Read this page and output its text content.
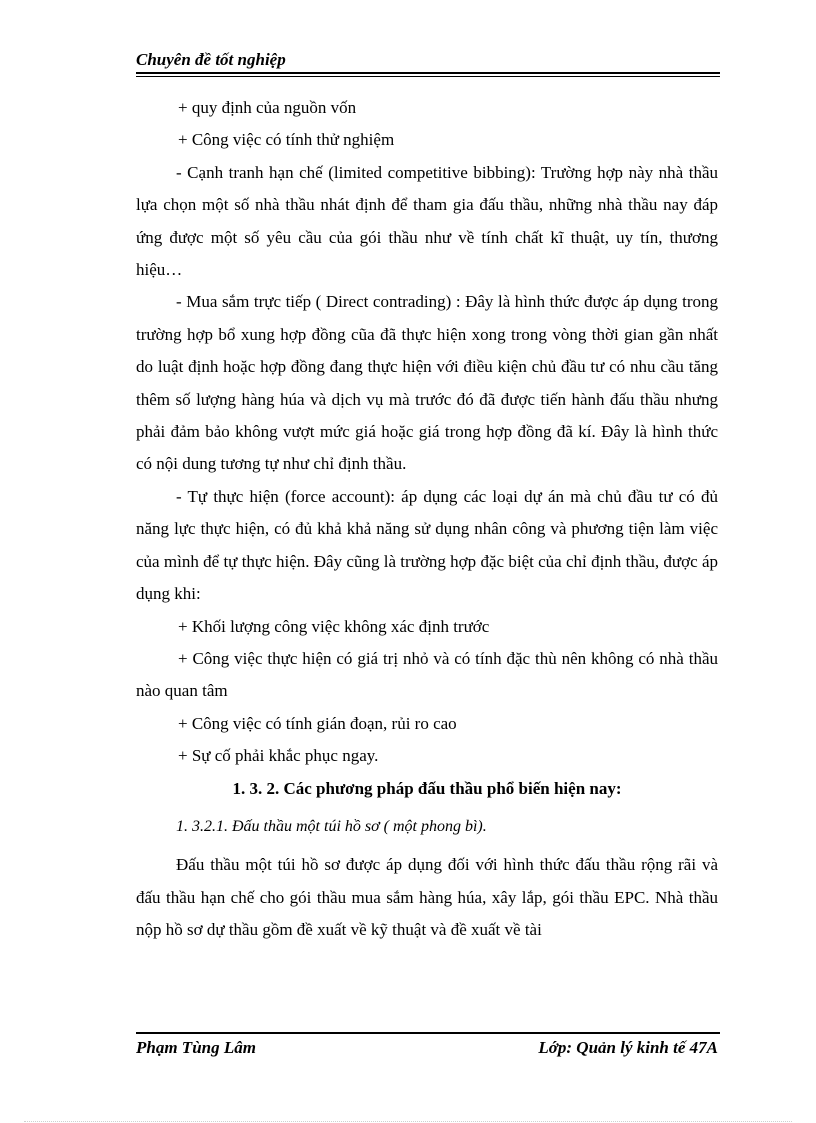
Chuyên đề tốt nghiệp

+ quy định của nguồn vốn

+ Công việc có tính thử nghiệm

- Cạnh tranh hạn chế (limited competitive bibbing): Trường hợp này nhà thầu lựa chọn một số nhà thầu nhát định để tham gia đấu thầu, những nhà thầu nay đáp ứng được một số yêu cầu của gói thầu như về tính chất kĩ thuật, uy tín, thương hiệu…

- Mua sắm trực tiếp ( Direct contrading) : Đây là hình thức được áp dụng trong trường hợp bổ xung hợp đồng cũa đã thực hiện xong trong vòng thời gian gần nhất do luật định hoặc hợp đồng đang thực hiện với điều kiện chủ đầu tư có nhu cầu tăng thêm số lượng hàng húa và dịch vụ mà trước đó đã được tiến hành đấu thầu nhưng phải đảm bảo không vượt mức giá hoặc giá trong hợp đồng đã kí. Đây là hình thức có nội dung tương tự như chỉ định thầu.

- Tự thực hiện (force account): áp dụng các loại dự án mà chủ đầu tư có đủ năng lực thực hiện, có đủ khả khả năng sử dụng nhân công và phương tiện làm việc của mình để tự thực hiện. Đây cũng là trường hợp đặc biệt của chỉ định thầu, được áp dụng khi:

+ Khối lượng công việc không xác định trước

+ Công việc thực hiện có giá trị nhỏ và có tính đặc thù nên không có nhà thầu nào quan tâm

+ Công việc có tính gián đoạn, rủi ro cao

+ Sự cố phải khắc phục ngay.

1. 3. 2. Các phương pháp đấu thầu phổ biến hiện nay:

1. 3.2.1. Đấu thầu một túi hồ sơ ( một phong bì).

Đấu thầu một túi hồ sơ được áp dụng đối với hình thức đấu thầu rộng rãi và đấu thầu hạn chế cho gói thầu mua sắm hàng húa, xây lắp, gói thầu EPC. Nhà thầu nộp hồ sơ dự thầu gồm đề xuất về kỹ thuật và đề xuất về tài

Phạm Tùng Lâm	Lớp: Quản lý kinh tế 47A
